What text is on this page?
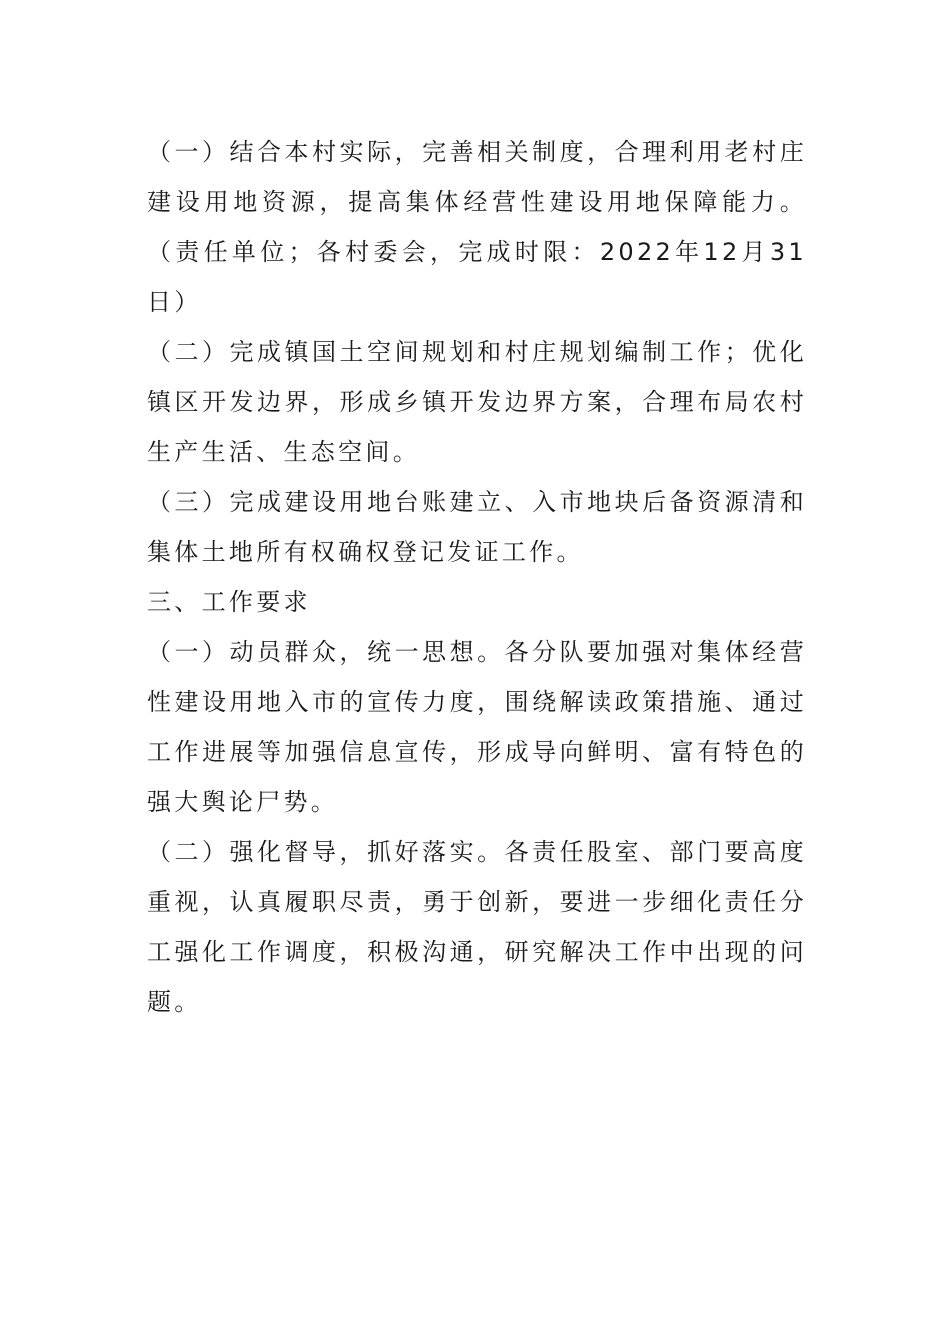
（一）结合本村实际，完善相关制度，合理利用老村庄建设用地资源，提高集体经营性建设用地保障能力。（责任单位；各村委会，完成时限：2022年12月31日）

（二）完成镇国土空间规划和村庄规划编制工作；优化镇区开发边界，形成乡镇开发边界方案，合理布局农村生产生活、生态空间。

（三）完成建设用地台账建立、入市地块后备资源清和集体土地所有权确权登记发证工作。

三、工作要求

（一）动员群众，统一思想。各分队要加强对集体经营性建设用地入市的宣传力度，围绕解读政策措施、通过工作进展等加强信息宣传，形成导向鲜明、富有特色的强大舆论尸势。

（二）强化督导，抓好落实。各责任股室、部门要高度重视，认真履职尽责，勇于创新，要进一步细化责任分工强化工作调度，积极沟通，研究解决工作中出现的问题。
